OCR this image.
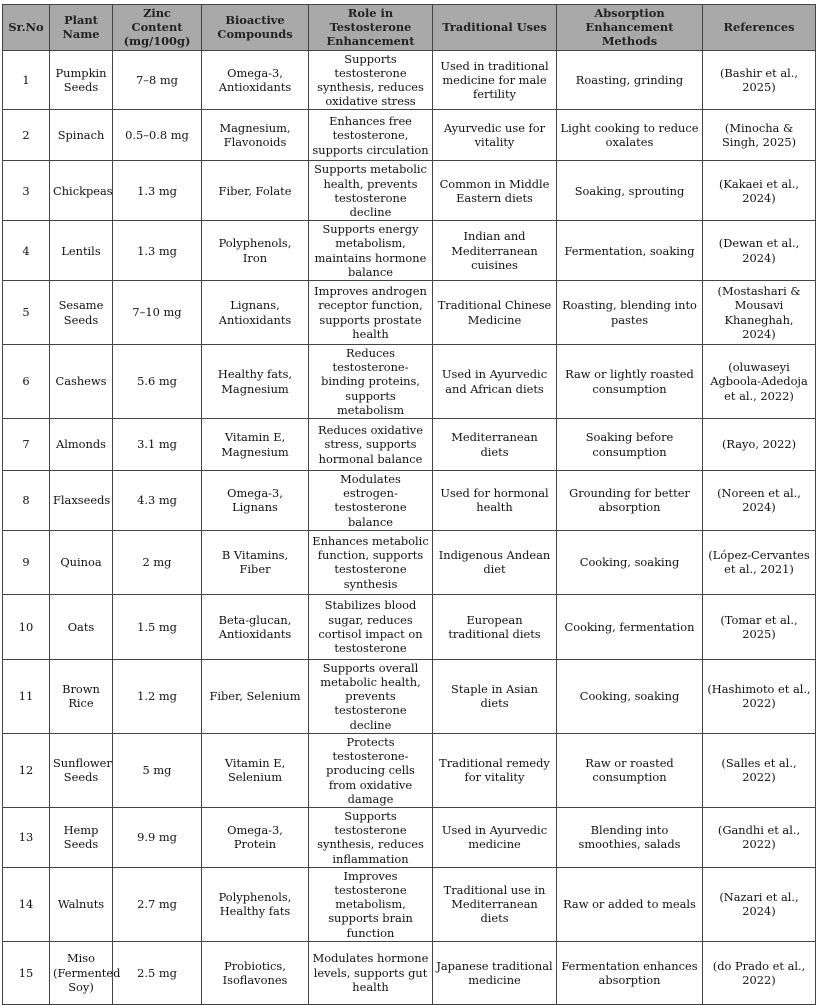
Sr.No	Plant Name	Zinc Content (mg/100g)	Bioactive Compounds	Role in Testosterone Enhancement	Traditional Uses	Absorption Enhancement Methods	References
1	Pumpkin Seeds	7–8 mg	Omega-3, Antioxidants	Supports testosterone synthesis, reduces oxidative stress	Used in traditional medicine for male fertility	Roasting, grinding	(Bashir et al., 2025)
2	Spinach	0.5–0.8 mg	Magnesium, Flavonoids	Enhances free testosterone, supports circulation	Ayurvedic use for vitality	Light cooking to reduce oxalates	(Minocha & Singh, 2025)
3	Chickpeas	1.3 mg	Fiber, Folate	Supports metabolic health, prevents testosterone decline	Common in Middle Eastern diets	Soaking, sprouting	(Kakaei et al., 2024)
4	Lentils	1.3 mg	Polyphenols, Iron	Supports energy metabolism, maintains hormone balance	Indian and Mediterranean cuisines	Fermentation, soaking	(Dewan et al., 2024)
5	Sesame Seeds	7–10 mg	Lignans, Antioxidants	Improves androgen receptor function, supports prostate health	Traditional Chinese Medicine	Roasting, blending into pastes	(Mostashari & Mousavi Khaneghah, 2024)
6	Cashews	5.6 mg	Healthy fats, Magnesium	Reduces testosterone-binding proteins, supports metabolism	Used in Ayurvedic and African diets	Raw or lightly roasted consumption	(oluwaseyi Agboola-Adedoja et al., 2022)
7	Almonds	3.1 mg	Vitamin E, Magnesium	Reduces oxidative stress, supports hormonal balance	Mediterranean diets	Soaking before consumption	(Rayo, 2022)
8	Flaxseeds	4.3 mg	Omega-3, Lignans	Modulates estrogen-testosterone balance	Used for hormonal health	Grounding for better absorption	(Noreen et al., 2024)
9	Quinoa	2 mg	B Vitamins, Fiber	Enhances metabolic function, supports testosterone synthesis	Indigenous Andean diet	Cooking, soaking	(López-Cervantes et al., 2021)
10	Oats	1.5 mg	Beta-glucan, Antioxidants	Stabilizes blood sugar, reduces cortisol impact on testosterone	European traditional diets	Cooking, fermentation	(Tomar et al., 2025)
11	Brown Rice	1.2 mg	Fiber, Selenium	Supports overall metabolic health, prevents testosterone decline	Staple in Asian diets	Cooking, soaking	(Hashimoto et al., 2022)
12	Sunflower Seeds	5 mg	Vitamin E, Selenium	Protects testosterone-producing cells from oxidative damage	Traditional remedy for vitality	Raw or roasted consumption	(Salles et al., 2022)
13	Hemp Seeds	9.9 mg	Omega-3, Protein	Supports testosterone synthesis, reduces inflammation	Used in Ayurvedic medicine	Blending into smoothies, salads	(Gandhi et al., 2022)
14	Walnuts	2.7 mg	Polyphenols, Healthy fats	Improves testosterone metabolism, supports brain function	Traditional use in Mediterranean diets	Raw or added to meals	(Nazari et al., 2024)
15	Miso (Fermented Soy)	2.5 mg	Probiotics, Isoflavones	Modulates hormone levels, supports gut health	Japanese traditional medicine	Fermentation enhances absorption	(do Prado et al., 2022)
